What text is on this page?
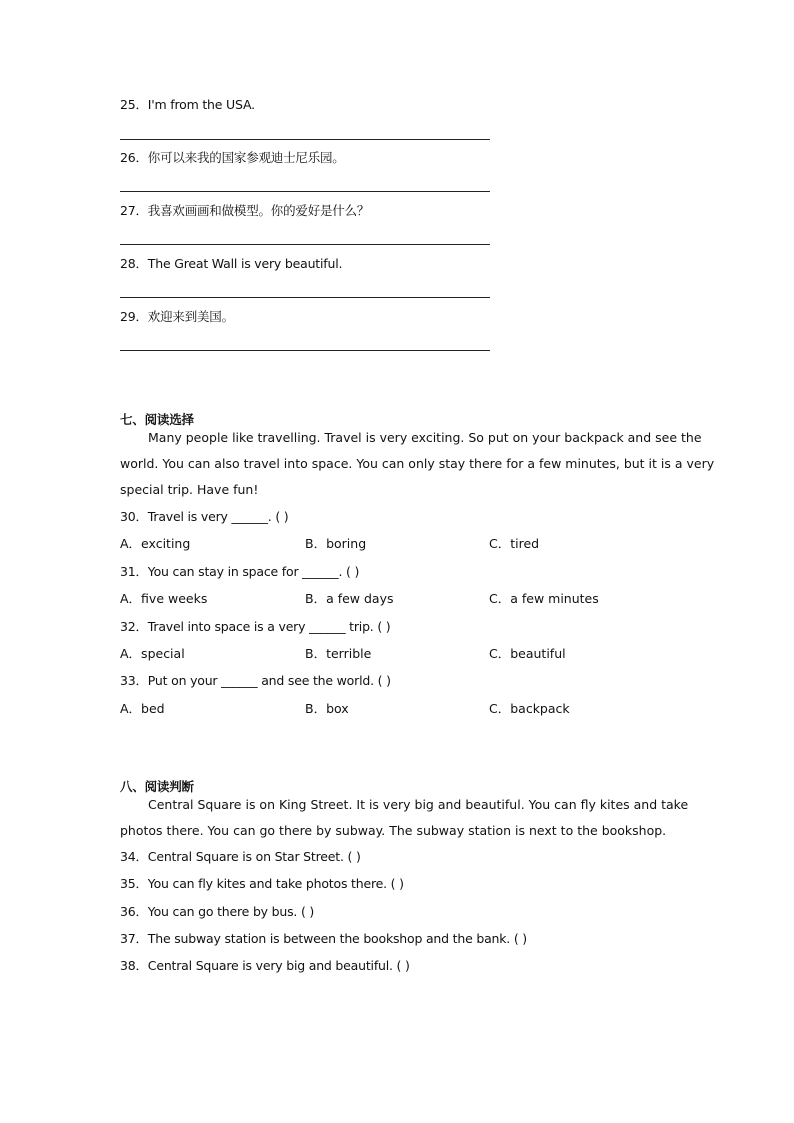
25．I'm from the USA.
26．你可以来我的国家参观迪士尼乐园。
27．我喜欢画画和做模型。你的爱好是什么？
28．The Great Wall is very beautiful.
29．欢迎来到美国。
七、阅读选择
Many people like travelling. Travel is very exciting. So put on your backpack and see the
world. You can also travel into space. You can only stay there for a few minutes, but it is a very
special trip. Have fun!
30．Travel is very ______. ( )
A．exciting	B．boring	C．tired
31．You can stay in space for ______. ( )
A．five weeks	B．a few days	C．a few minutes
32．Travel into space is a very ______ trip. ( )
A．special	B．terrible	C．beautiful
33．Put on your ______ and see the world. ( )
A．bed	B．box	C．backpack
八、阅读判断
Central Square is on King Street. It is very big and beautiful. You can fly kites and take
photos there. You can go there by subway. The subway station is next to the bookshop.
34．Central Square is on Star Street. ( )
35．You can fly kites and take photos there. ( )
36．You can go there by bus. ( )
37．The subway station is between the bookshop and the bank. ( )
38．Central Square is very big and beautiful. ( )
